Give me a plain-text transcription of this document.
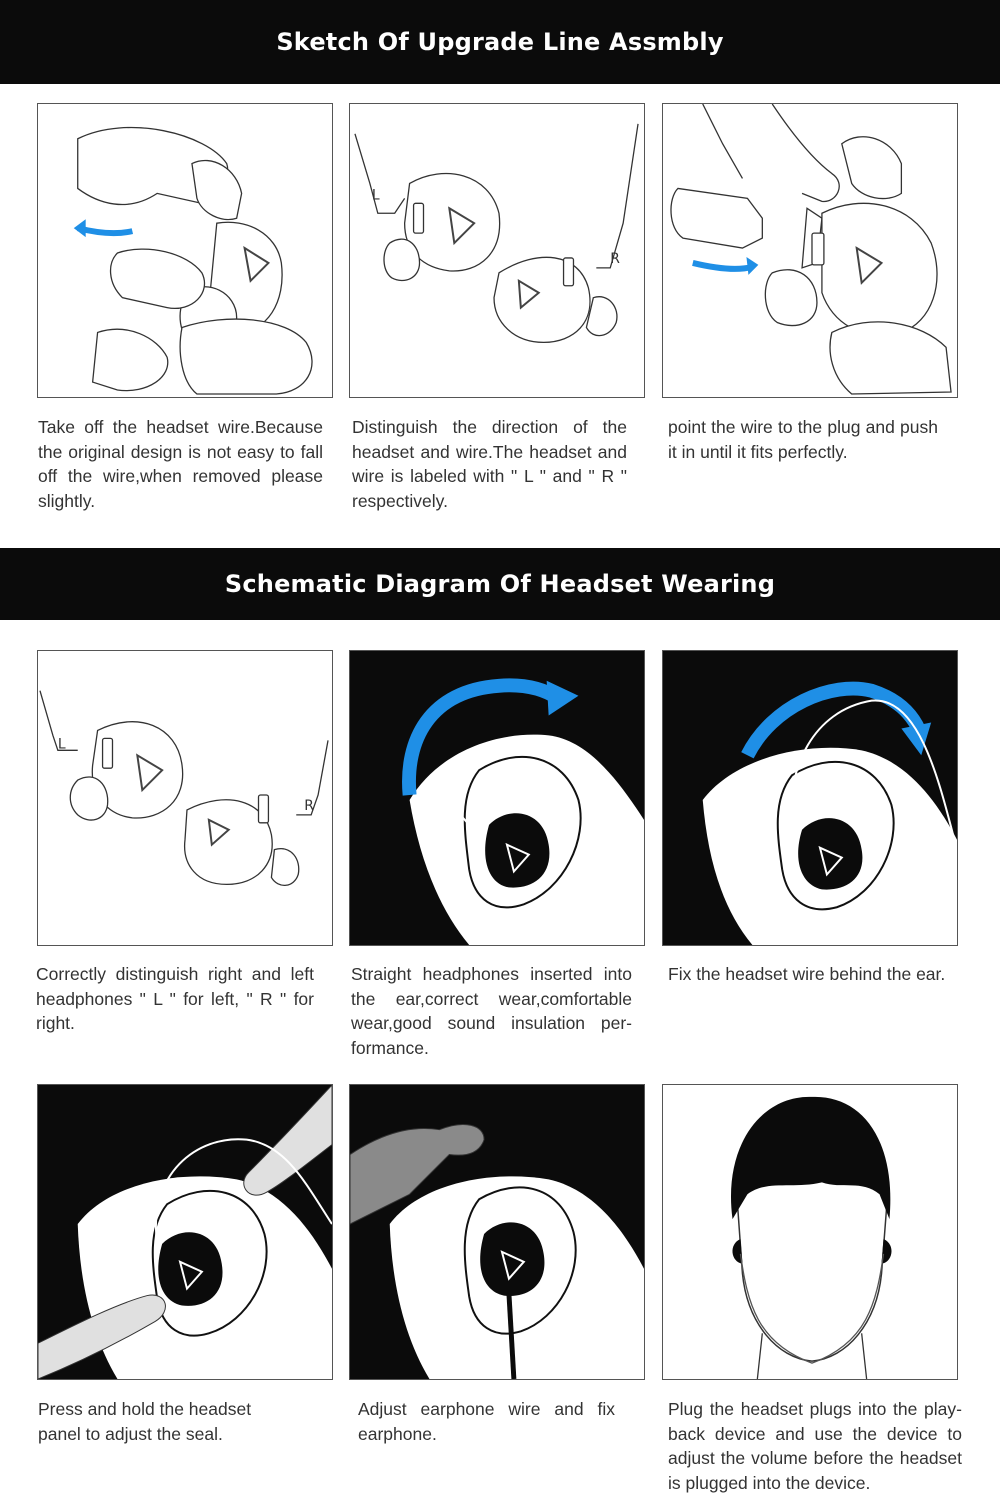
Sketch Of Upgrade Line Assmbly
L
R
Take off the headset wire.Because the original design is not easy to fall off the wire,when removed please slightly.
Distinguish the direction of the headset and wire.The headset and wire is labeled with " L " and " R " respectively.
point the wire to the plug and push it in until it fits perfectly.
Schematic Diagram Of Headset Wearing
L
R
Correctly distinguish right and left headphones " L " for left, " R " for right.
Straight headphones inserted into the ear,correct wear,comfortable wear,good sound insulation per-formance.
Fix the headset wire behind the ear.
Press and hold the headset panel to adjust the seal.
Adjust earphone wire and fix earphone.
Plug the headset plugs into the play-back device and use the device to adjust the volume before the headset is plugged into the device.
